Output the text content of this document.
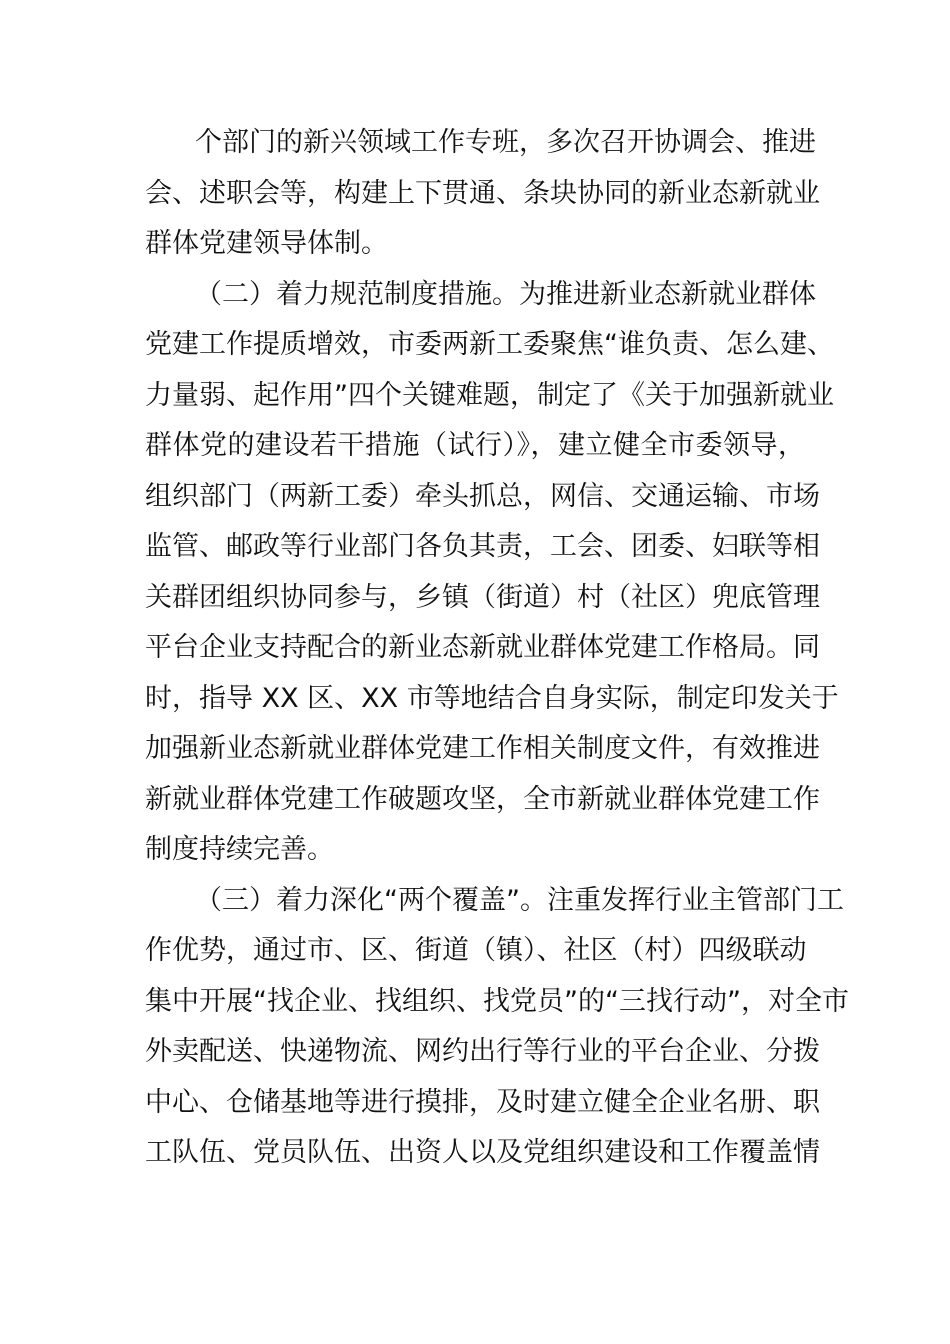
个部门的新兴领域工作专班，多次召开协调会、推进
会、述职会等，构建上下贯通、条块协同的新业态新就业
群体党建领导体制。
（二）着力规范制度措施。为推进新业态新就业群体
党建工作提质增效，市委两新工委聚焦“谁负责、怎么建、
力量弱、起作用”四个关键难题，制定了《关于加强新就业
群体党的建设若干措施（试行）》，建立健全市委领导，
组织部门（两新工委）牵头抓总，网信、交通运输、市场
监管、邮政等行业部门各负其责，工会、团委、妇联等相
关群团组织协同参与，乡镇（街道）村（社区）兜底管理
平台企业支持配合的新业态新就业群体党建工作格局。同
时，指导 XX 区、XX 市等地结合自身实际，制定印发关于
加强新业态新就业群体党建工作相关制度文件，有效推进
新就业群体党建工作破题攻坚，全市新就业群体党建工作
制度持续完善。
（三）着力深化“两个覆盖”。注重发挥行业主管部门工
作优势，通过市、区、街道（镇）、社区（村）四级联动
集中开展“找企业、找组织、找党员”的“三找行动”，对全市
外卖配送、快递物流、网约出行等行业的平台企业、分拨
中心、仓储基地等进行摸排，及时建立健全企业名册、职
工队伍、党员队伍、出资人以及党组织建设和工作覆盖情
